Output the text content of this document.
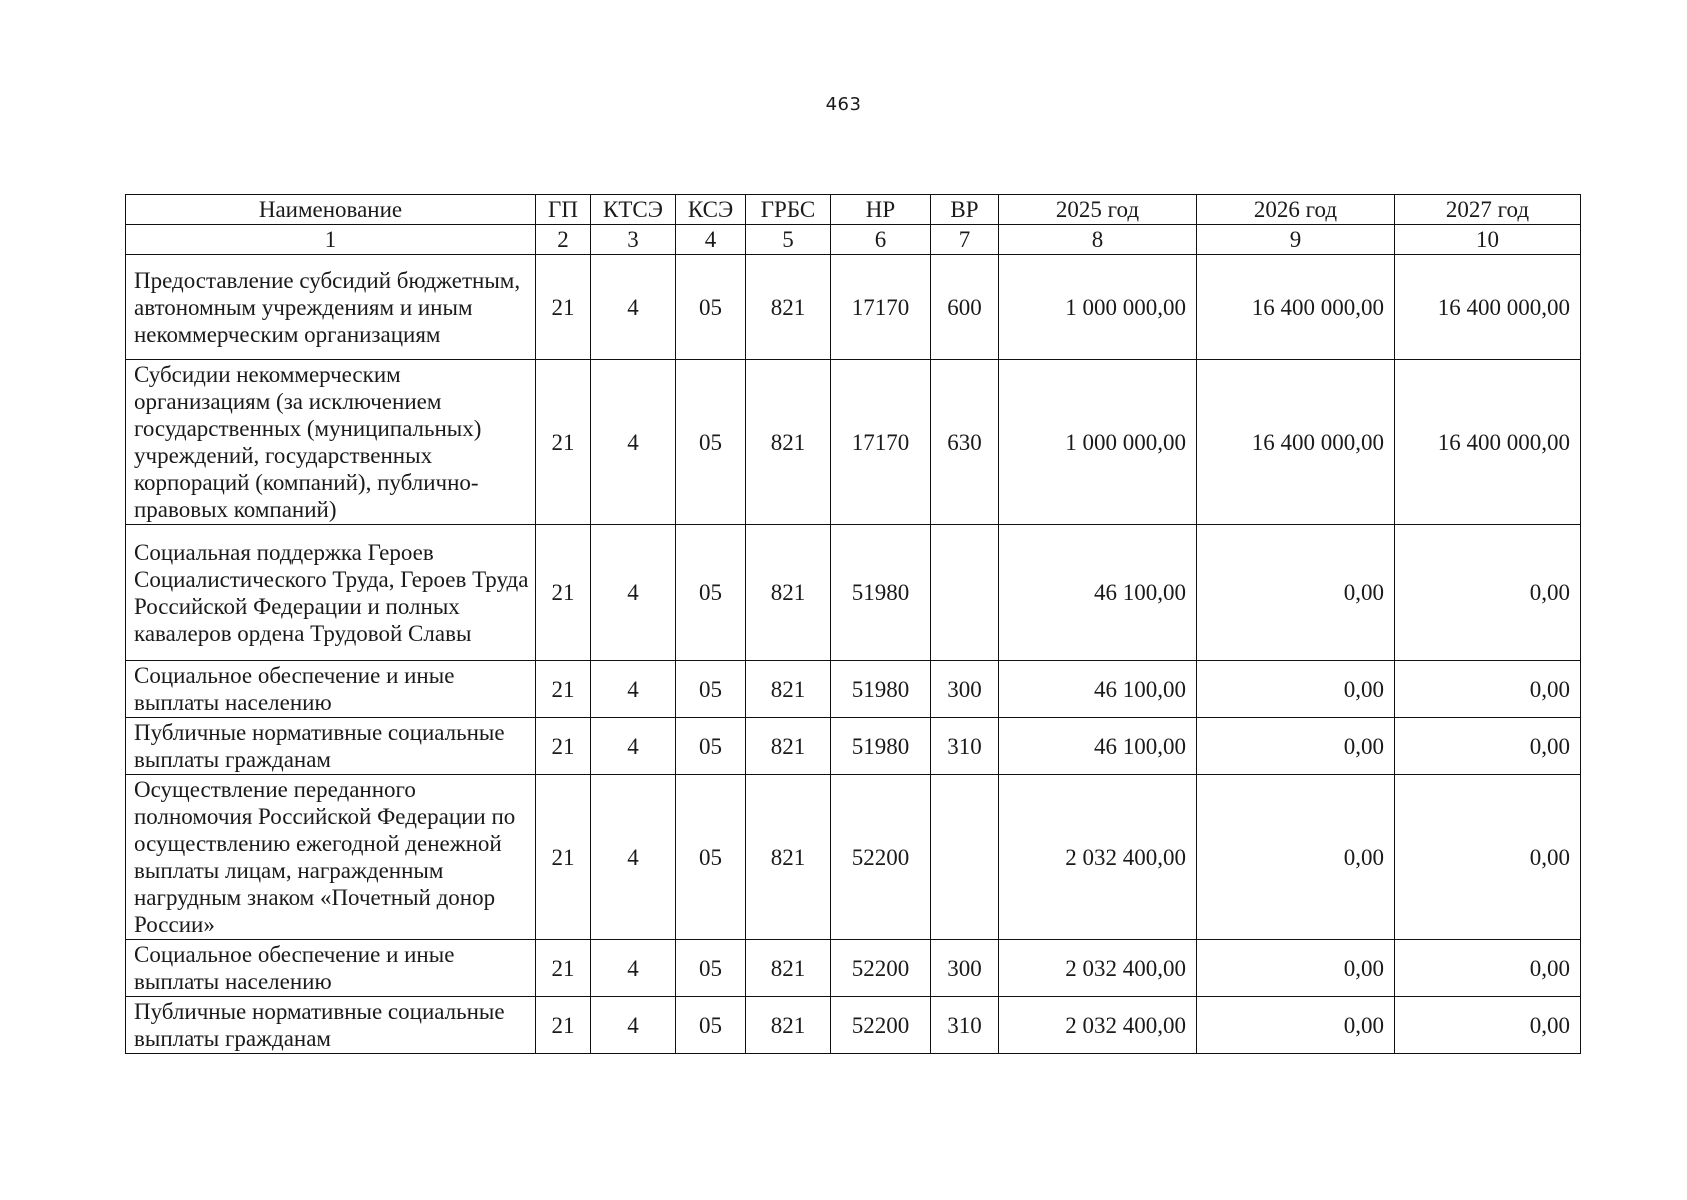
463
Наименование	ГП	КТСЭ	КСЭ	ГРБС	НР	ВР	2025 год	2026 год	2027 год
1	2	3	4	5	6	7	8	9	10
Предоставление субсидий бюджетным, автономным учреждениям и иным некоммерческим организациям	21	4	05	821	17170	600	1 000 000,00	16 400 000,00	16 400 000,00
Субсидии некоммерческим организациям (за исключением государственных (муниципальных) учреждений, государственных корпораций (компаний), публично-правовых компаний)	21	4	05	821	17170	630	1 000 000,00	16 400 000,00	16 400 000,00
Социальная поддержка Героев Социалистического Труда, Героев Труда Российской Федерации и полных кавалеров ордена Трудовой Славы	21	4	05	821	51980		46 100,00	0,00	0,00
Социальное обеспечение и иные выплаты населению	21	4	05	821	51980	300	46 100,00	0,00	0,00
Публичные нормативные социальные выплаты гражданам	21	4	05	821	51980	310	46 100,00	0,00	0,00
Осуществление переданного полномочия Российской Федерации по осуществлению ежегодной денежной выплаты лицам, награжденным нагрудным знаком «Почетный донор России»	21	4	05	821	52200		2 032 400,00	0,00	0,00
Социальное обеспечение и иные выплаты населению	21	4	05	821	52200	300	2 032 400,00	0,00	0,00
Публичные нормативные социальные выплаты гражданам	21	4	05	821	52200	310	2 032 400,00	0,00	0,00
